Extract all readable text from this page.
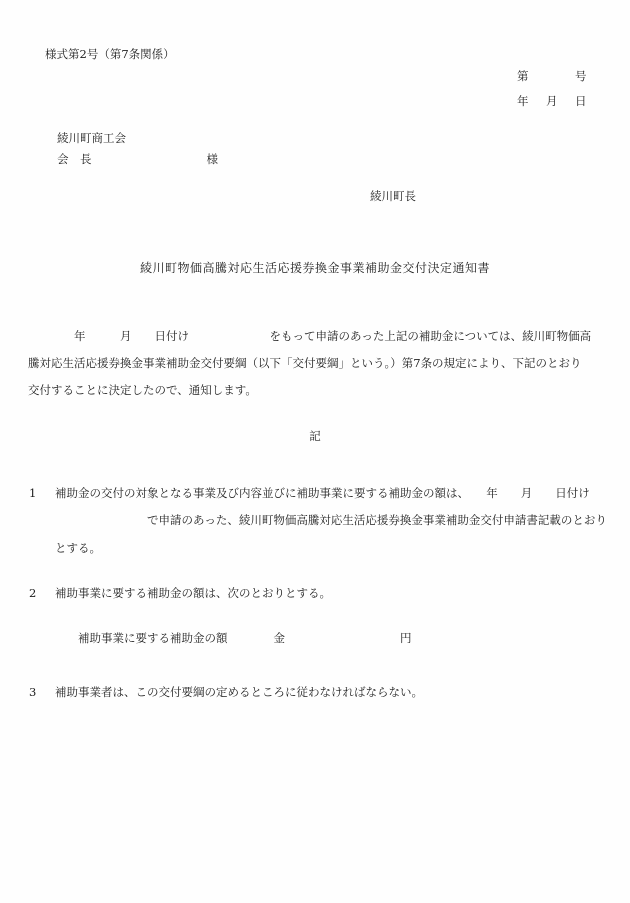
様式第2号（第7条関係）
第　　　号
年　月　日
綾川町商工会
会　長　　　　　　　　　　様
綾川町長
綾川町物価高騰対応生活応援券換金事業補助金交付決定通知書
　　　　年　　　月　　日付け　　　　　　　をもって申請のあった上記の補助金については、綾川町物価高
騰対応生活応援券換金事業補助金交付要綱（以下「交付要綱」という。）第7条の規定により、下記のとおり
交付することに決定したので、通知します。
記
1 補助金の交付の対象となる事業及び内容並びに補助事業に要する補助金の額は、　　年　　月　　日付け
　　　　　　　　で申請のあった、綾川町物価高騰対応生活応援券換金事業補助金交付申請書記載のとおり
とする。
2 補助事業に要する補助金の額は、次のとおりとする。
補助事業に要する補助金の額　　　　金　　　　　　　　　　円
3 補助事業者は、この交付要綱の定めるところに従わなければならない。
